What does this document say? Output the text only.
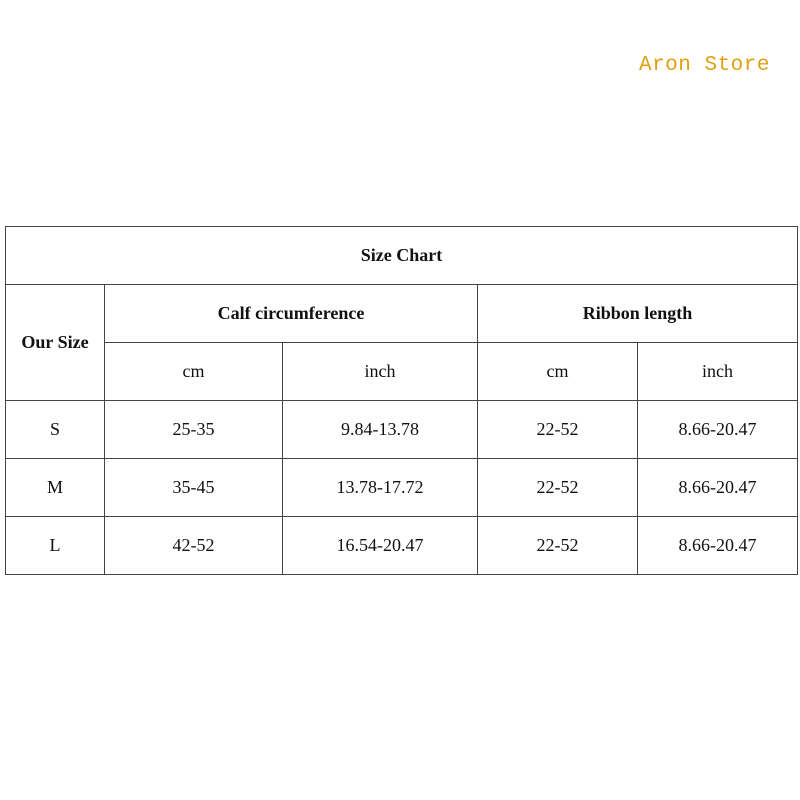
Aron Store
Size Chart				
Our Size	Calf circumference		Ribbon length	
	cm	inch	cm	inch
S	25-35	9.84-13.78	22-52	8.66-20.47
M	35-45	13.78-17.72	22-52	8.66-20.47
L	42-52	16.54-20.47	22-52	8.66-20.47
